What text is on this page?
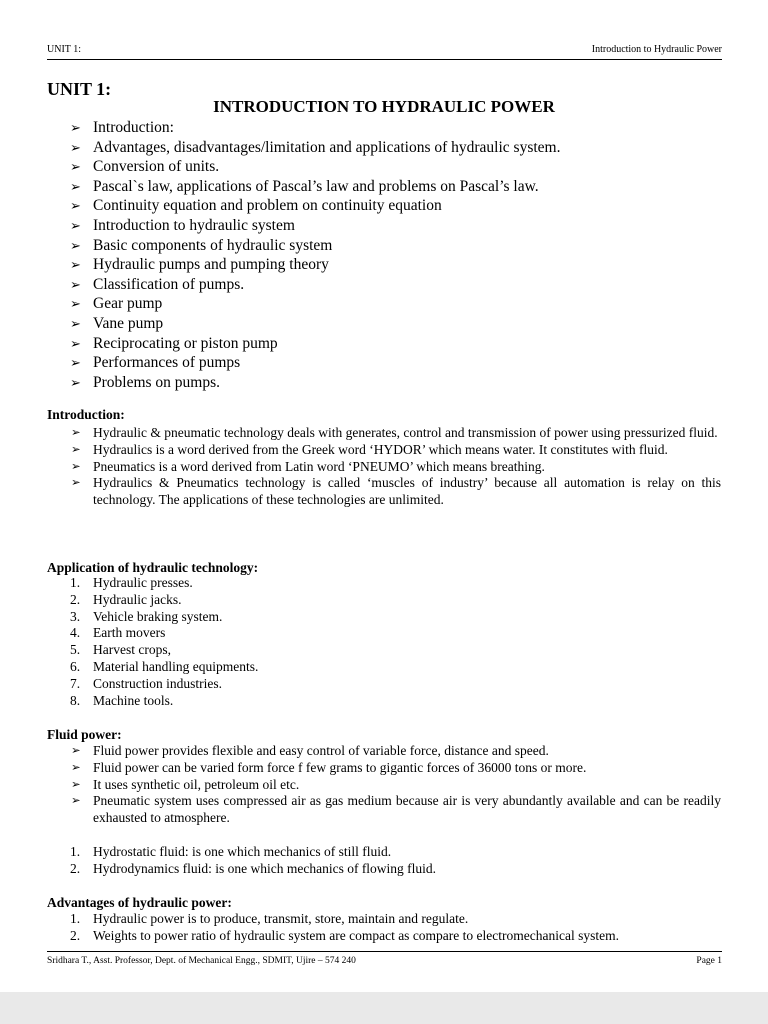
UNIT 1:	Introduction to Hydraulic Power
UNIT 1:
INTRODUCTION TO HYDRAULIC POWER
➢ Introduction:
➢ Advantages, disadvantages/limitation and applications of hydraulic system.
➢ Conversion of units.
➢ Pascal`s law, applications of Pascal’s law and problems on Pascal’s law.
➢ Continuity equation and problem on continuity equation
➢ Introduction to hydraulic system
➢ Basic components of hydraulic system
➢ Hydraulic pumps and pumping theory
➢ Classification of pumps.
➢ Gear pump
➢ Vane pump
➢ Reciprocating or piston pump
➢ Performances of pumps
➢ Problems on pumps.
Introduction:
➢ Hydraulic & pneumatic technology deals with generates, control and transmission of power using pressurized fluid.
➢ Hydraulics is a word derived from the Greek word ‘HYDOR’ which means water. It constitutes with fluid.
➢ Pneumatics is a word derived from Latin word ‘PNEUMO’ which means breathing.
➢ Hydraulics & Pneumatics technology is called ‘muscles of industry’ because all automation is relay on this technology. The applications of these technologies are unlimited.
Application of hydraulic technology:
1. Hydraulic presses.
2. Hydraulic jacks.
3. Vehicle braking system.
4. Earth movers
5. Harvest crops,
6. Material handling equipments.
7. Construction industries.
8. Machine tools.
Fluid power:
➢ Fluid power provides flexible and easy control of variable force, distance and speed.
➢ Fluid power can be varied form force f few grams to gigantic forces of 36000 tons or more.
➢ It uses synthetic oil, petroleum oil etc.
➢ Pneumatic system uses compressed air as gas medium because air is very abundantly available and can be readily exhausted to atmosphere.
1. Hydrostatic fluid: is one which mechanics of still fluid.
2. Hydrodynamics fluid: is one which mechanics of flowing fluid.
Advantages of hydraulic power:
1. Hydraulic power is to produce, transmit, store, maintain and regulate.
2. Weights to power ratio of hydraulic system are compact as compare to electromechanical system.
Sridhara T., Asst. Professor, Dept. of Mechanical Engg., SDMIT, Ujire – 574 240	Page 1
